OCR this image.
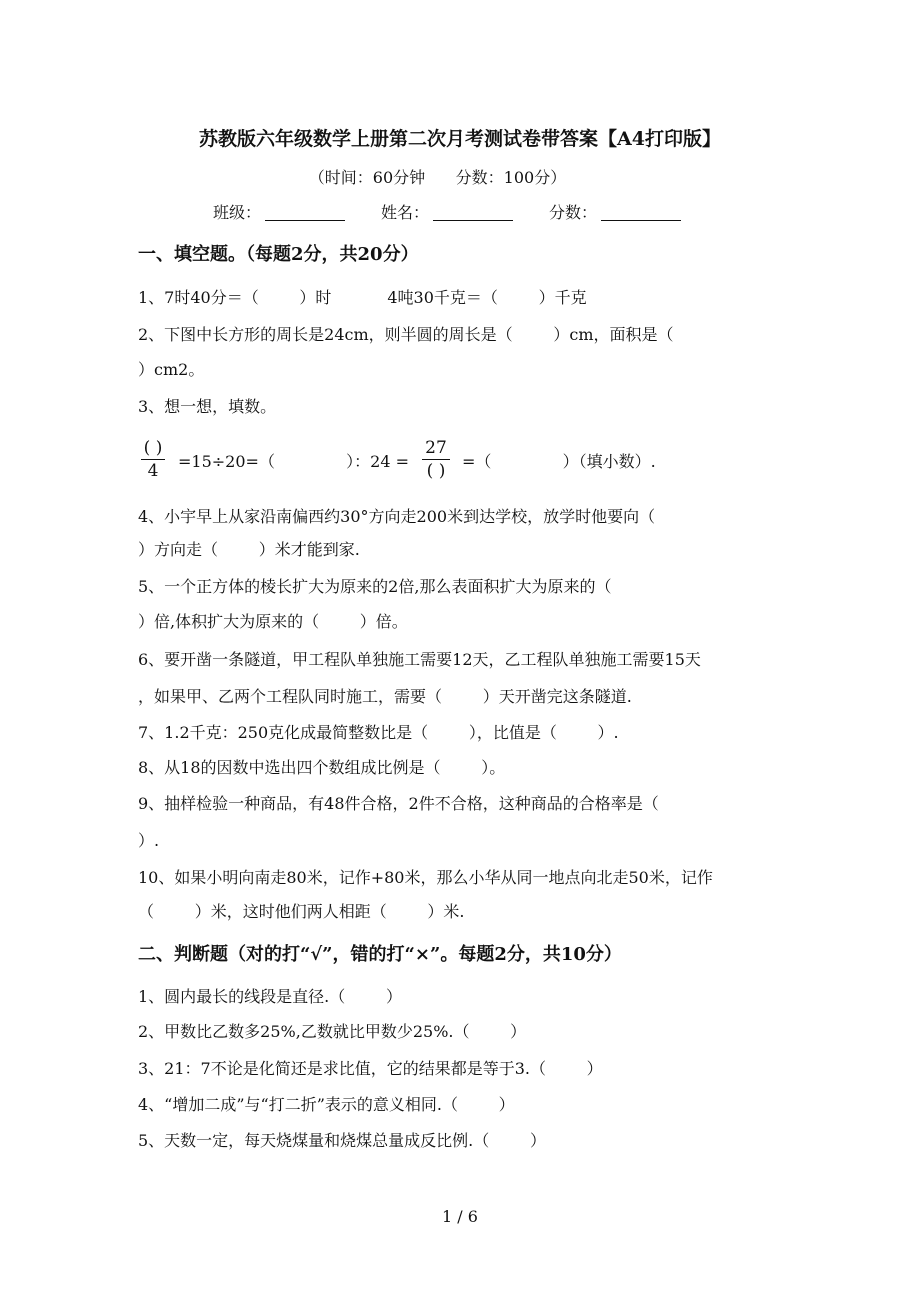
苏教版六年级数学上册第二次月考测试卷带答案【A4打印版】
（时间：60分钟      分数：100分）
班级：	姓名：	分数：
一、填空题。（每题2分，共20分）
1、7时40分＝（        ）时           4吨30千克＝（        ）千克
2、下图中长方形的周长是24cm，则半圆的周长是（        ）cm，面积是（
）cm2。
3、想一想，填数。
( )
4 =15÷20=（              ）：24 =
27
( ) =（              ）（填小数）.
4、小宇早上从家沿南偏西约30°方向走200米到达学校，放学时他要向（
）方向走（        ）米才能到家.
5、一个正方体的棱长扩大为原来的2倍,那么表面积扩大为原来的（
）倍,体积扩大为原来的（        ）倍。
6、要开凿一条隧道，甲工程队单独施工需要12天，乙工程队单独施工需要15天
，如果甲、乙两个工程队同时施工，需要（        ）天开凿完这条隧道.
7、1.2千克：250克化成最简整数比是（        ），比值是（        ）.
8、从18的因数中选出四个数组成比例是（        ）。
9、抽样检验一种商品，有48件合格，2件不合格，这种商品的合格率是（
）.
10、如果小明向南走80米，记作+80米，那么小华从同一地点向北走50米，记作
（        ）米，这时他们两人相距（        ）米.
二、判断题（对的打“√”，错的打“×”。每题2分，共10分）
1、圆内最长的线段是直径.（        ）
2、甲数比乙数多25%,乙数就比甲数少25%.（        ）
3、21：7不论是化简还是求比值，它的结果都是等于3.（        ）
4、“增加二成”与“打二折”表示的意义相同.（        ）
5、天数一定，每天烧煤量和烧煤总量成反比例.（        ）
1 / 6
